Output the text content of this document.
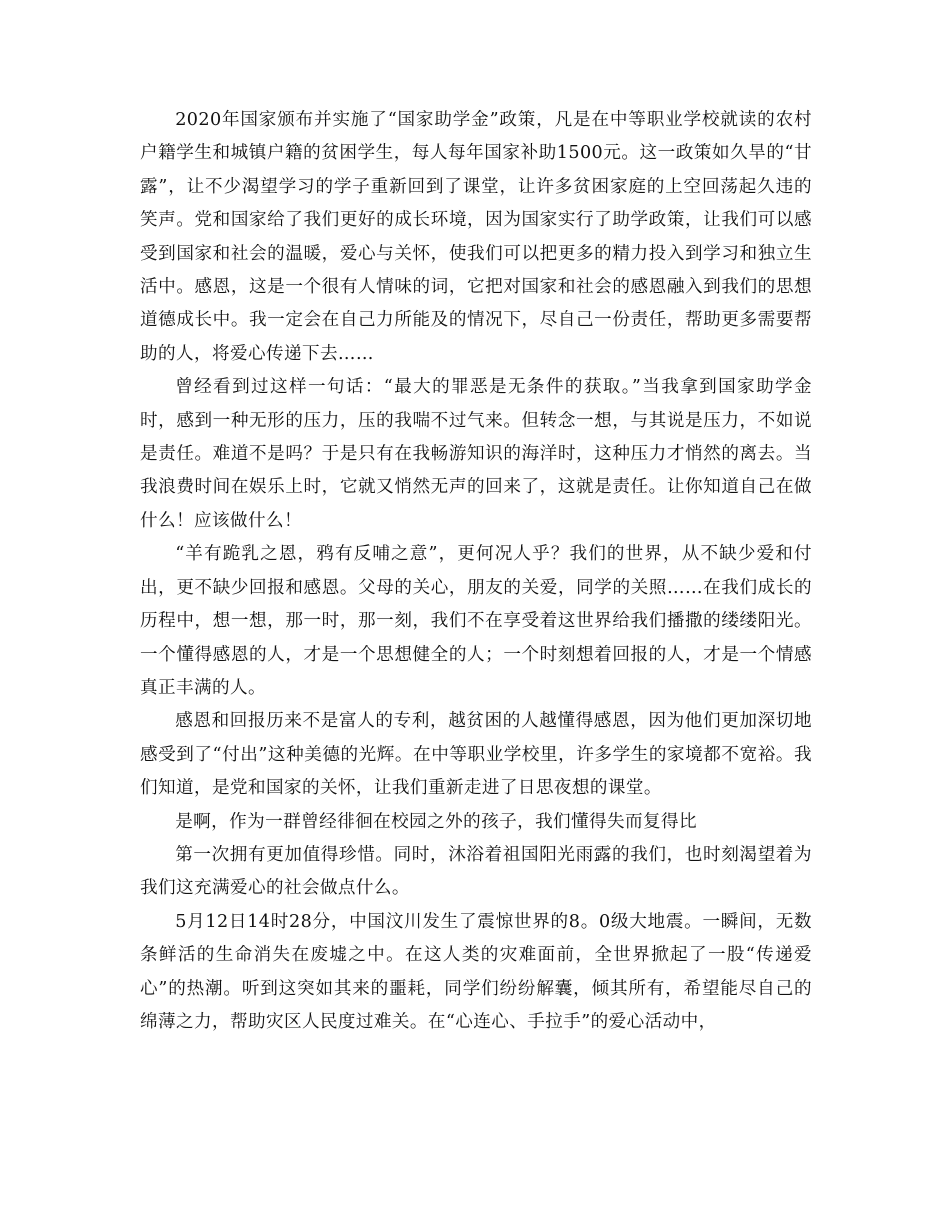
2020年国家颁布并实施了“国家助学金”政策，凡是在中等职业学校就读的农村户籍学生和城镇户籍的贫困学生，每人每年国家补助1500元。这一政策如久旱的“甘露”，让不少渴望学习的学子重新回到了课堂，让许多贫困家庭的上空回荡起久违的笑声。党和国家给了我们更好的成长环境，因为国家实行了助学政策，让我们可以感受到国家和社会的温暖，爱心与关怀，使我们可以把更多的精力投入到学习和独立生活中。感恩，这是一个很有人情味的词，它把对国家和社会的感恩融入到我们的思想道德成长中。我一定会在自己力所能及的情况下，尽自己一份责任，帮助更多需要帮助的人，将爱心传递下去……

曾经看到过这样一句话：“最大的罪恶是无条件的获取。”当我拿到国家助学金时，感到一种无形的压力，压的我喘不过气来。但转念一想，与其说是压力，不如说是责任。难道不是吗？于是只有在我畅游知识的海洋时，这种压力才悄然的离去。当我浪费时间在娱乐上时，它就又悄然无声的回来了，这就是责任。让你知道自己在做什么！应该做什么！

“羊有跪乳之恩，鸦有反哺之意”，更何况人乎？我们的世界，从不缺少爱和付出，更不缺少回报和感恩。父母的关心，朋友的关爱，同学的关照……在我们成长的历程中，想一想，那一时，那一刻，我们不在享受着这世界给我们播撒的缕缕阳光。一个懂得感恩的人，才是一个思想健全的人；一个时刻想着回报的人，才是一个情感真正丰满的人。

感恩和回报历来不是富人的专利，越贫困的人越懂得感恩，因为他们更加深切地感受到了“付出”这种美德的光辉。在中等职业学校里，许多学生的家境都不宽裕。我们知道，是党和国家的关怀，让我们重新走进了日思夜想的课堂。

是啊，作为一群曾经徘徊在校园之外的孩子，我们懂得失而复得比

第一次拥有更加值得珍惜。同时，沐浴着祖国阳光雨露的我们，也时刻渴望着为我们这充满爱心的社会做点什么。

5月12日14时28分，中国汶川发生了震惊世界的8。0级大地震。一瞬间，无数条鲜活的生命消失在废墟之中。在这人类的灾难面前，全世界掀起了一股“传递爱心”的热潮。听到这突如其来的噩耗，同学们纷纷解囊，倾其所有，希望能尽自己的绵薄之力，帮助灾区人民度过难关。在“心连心、手拉手”的爱心活动中，
